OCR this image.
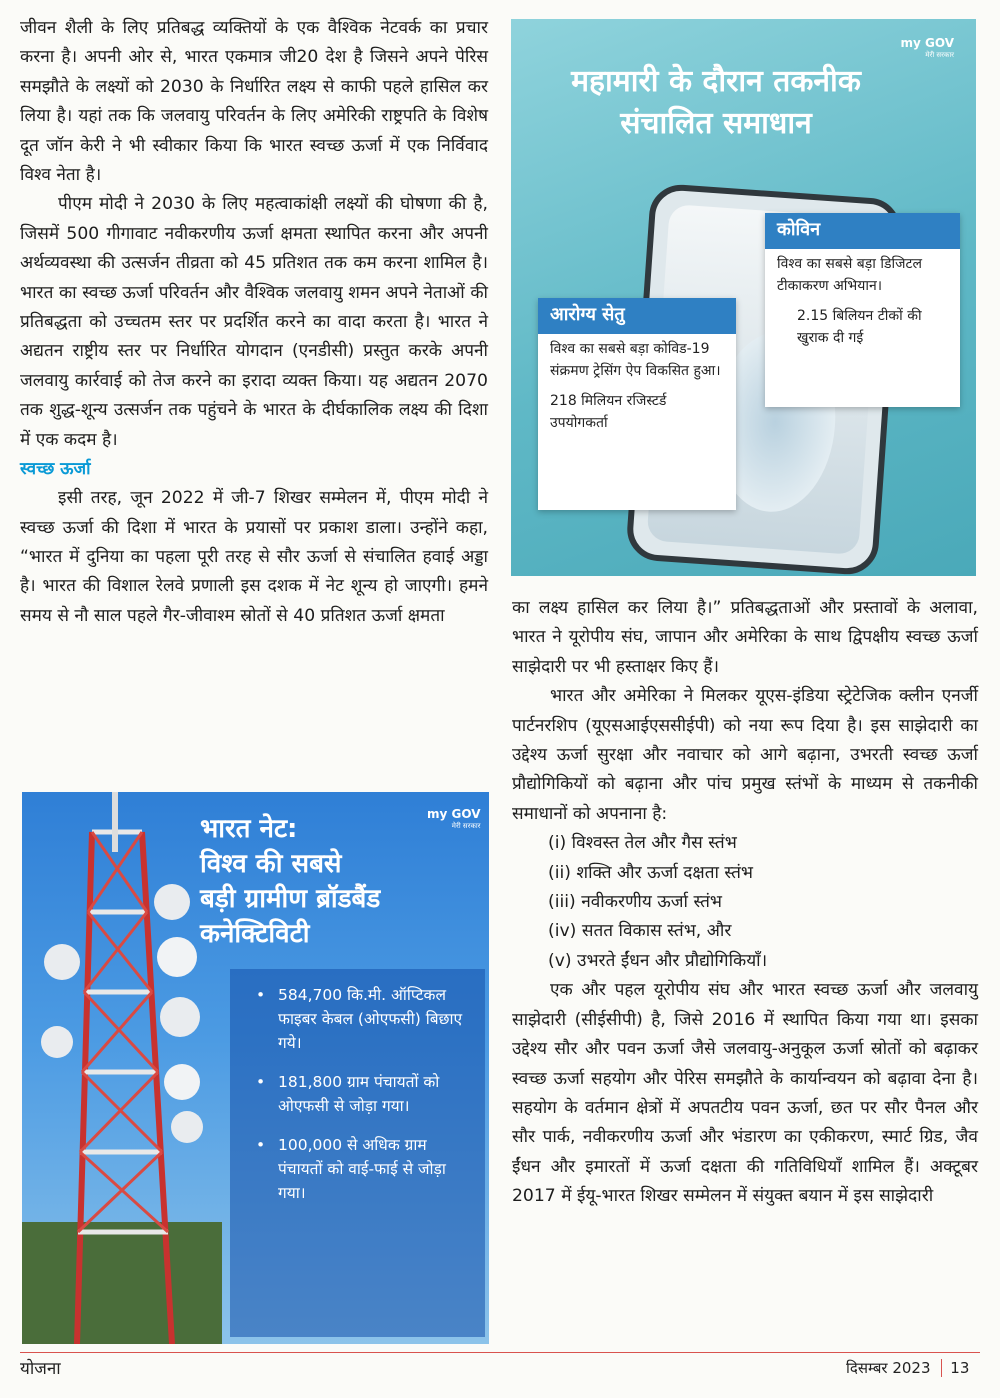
जीवन शैली के लिए प्रतिबद्ध व्यक्तियों के एक वैश्विक नेटवर्क का प्रचार करना है। अपनी ओर से, भारत एकमात्र जी20 देश है जिसने अपने पेरिस समझौते के लक्ष्यों को 2030 के निर्धारित लक्ष्य से काफी पहले हासिल कर लिया है। यहां तक कि जलवायु परिवर्तन के लिए अमेरिकी राष्ट्रपति के विशेष दूत जॉन केरी ने भी स्वीकार किया कि भारत स्वच्छ ऊर्जा में एक निर्विवाद विश्व नेता है।

पीएम मोदी ने 2030 के लिए महत्वाकांक्षी लक्ष्यों की घोषणा की है, जिसमें 500 गीगावाट नवीकरणीय ऊर्जा क्षमता स्थापित करना और अपनी अर्थव्यवस्था की उत्सर्जन तीव्रता को 45 प्रतिशत तक कम करना शामिल है। भारत का स्वच्छ ऊर्जा परिवर्तन और वैश्विक जलवायु शमन अपने नेताओं की प्रतिबद्धता को उच्चतम स्तर पर प्रदर्शित करने का वादा करता है। भारत ने अद्यतन राष्ट्रीय स्तर पर निर्धारित योगदान (एनडीसी) प्रस्तुत करके अपनी जलवायु कार्रवाई को तेज करने का इरादा व्यक्त किया। यह अद्यतन 2070 तक शुद्ध-शून्य उत्सर्जन तक पहुंचने के भारत के दीर्घकालिक लक्ष्य की दिशा में एक कदम है।

स्वच्छ ऊर्जा

इसी तरह, जून 2022 में जी-7 शिखर सम्मेलन में, पीएम मोदी ने स्वच्छ ऊर्जा की दिशा में भारत के प्रयासों पर प्रकाश डाला। उन्होंने कहा, “भारत में दुनिया का पहला पूरी तरह से सौर ऊर्जा से संचालित हवाई अड्डा है। भारत की विशाल रेलवे प्रणाली इस दशक में नेट शून्य हो जाएगी। हमने समय से नौ साल पहले गैर-जीवाश्म स्रोतों से 40 प्रतिशत ऊर्जा क्षमता

महामारी के दौरान तकनीक संचालित समाधान
my GOV
मेरी सरकार
कोविन

विश्व का सबसे बड़ा डिजिटल टीकाकरण अभियान।

2.15 बिलियन टीकों की खुराक दी गई

आरोग्य सेतु

विश्व का सबसे बड़ा कोविड-19 संक्रमण ट्रेसिंग ऐप विकसित हुआ।

218 मिलियन रजिस्टर्ड उपयोगकर्ता

का लक्ष्य हासिल कर लिया है।” प्रतिबद्धताओं और प्रस्तावों के अलावा, भारत ने यूरोपीय संघ, जापान और अमेरिका के साथ द्विपक्षीय स्वच्छ ऊर्जा साझेदारी पर भी हस्ताक्षर किए हैं।

भारत और अमेरिका ने मिलकर यूएस-इंडिया स्ट्रेटेजिक क्लीन एनर्जी पार्टनरशिप (यूएसआईएससीईपी) को नया रूप दिया है। इस साझेदारी का उद्देश्य ऊर्जा सुरक्षा और नवाचार को आगे बढ़ाना, उभरती स्वच्छ ऊर्जा प्रौद्योगिकियों को बढ़ाना और पांच प्रमुख स्तंभों के माध्यम से तकनीकी समाधानों को अपनाना है:

(i) विश्वस्त तेल और गैस स्तंभ
(ii) शक्ति और ऊर्जा दक्षता स्तंभ
(iii) नवीकरणीय ऊर्जा स्तंभ
(iv) सतत विकास स्तंभ, और
(v) उभरते ईंधन और प्रौद्योगिकियाँ।

एक और पहल यूरोपीय संघ और भारत स्वच्छ ऊर्जा और जलवायु साझेदारी (सीईसीपी) है, जिसे 2016 में स्थापित किया गया था। इसका उद्देश्य सौर और पवन ऊर्जा जैसे जलवायु-अनुकूल ऊर्जा स्रोतों को बढ़ाकर स्वच्छ ऊर्जा सहयोग और पेरिस समझौते के कार्यान्वयन को बढ़ावा देना है। सहयोग के वर्तमान क्षेत्रों में अपतटीय पवन ऊर्जा, छत पर सौर पैनल और सौर पार्क, नवीकरणीय ऊर्जा और भंडारण का एकीकरण, स्मार्ट ग्रिड, जैव ईंधन और इमारतों में ऊर्जा दक्षता की गतिविधियाँ शामिल हैं। अक्टूबर 2017 में ईयू-भारत शिखर सम्मेलन में संयुक्त बयान में इस साझेदारी

भारत नेट:
विश्व की सबसे
बड़ी ग्रामीण ब्रॉडबैंड
कनेक्टिविटी
my GOV
मेरी सरकार
• 584,700 कि.मी. ऑप्टिकल फाइबर केबल (ओएफसी) बिछाए गये।
• 181,800 ग्राम पंचायतों को ओएफसी से जोड़ा गया।
• 100,000 से अधिक ग्राम पंचायतों को वाई-फाई से जोड़ा गया।
योजना	दिसम्बर 2023 13
